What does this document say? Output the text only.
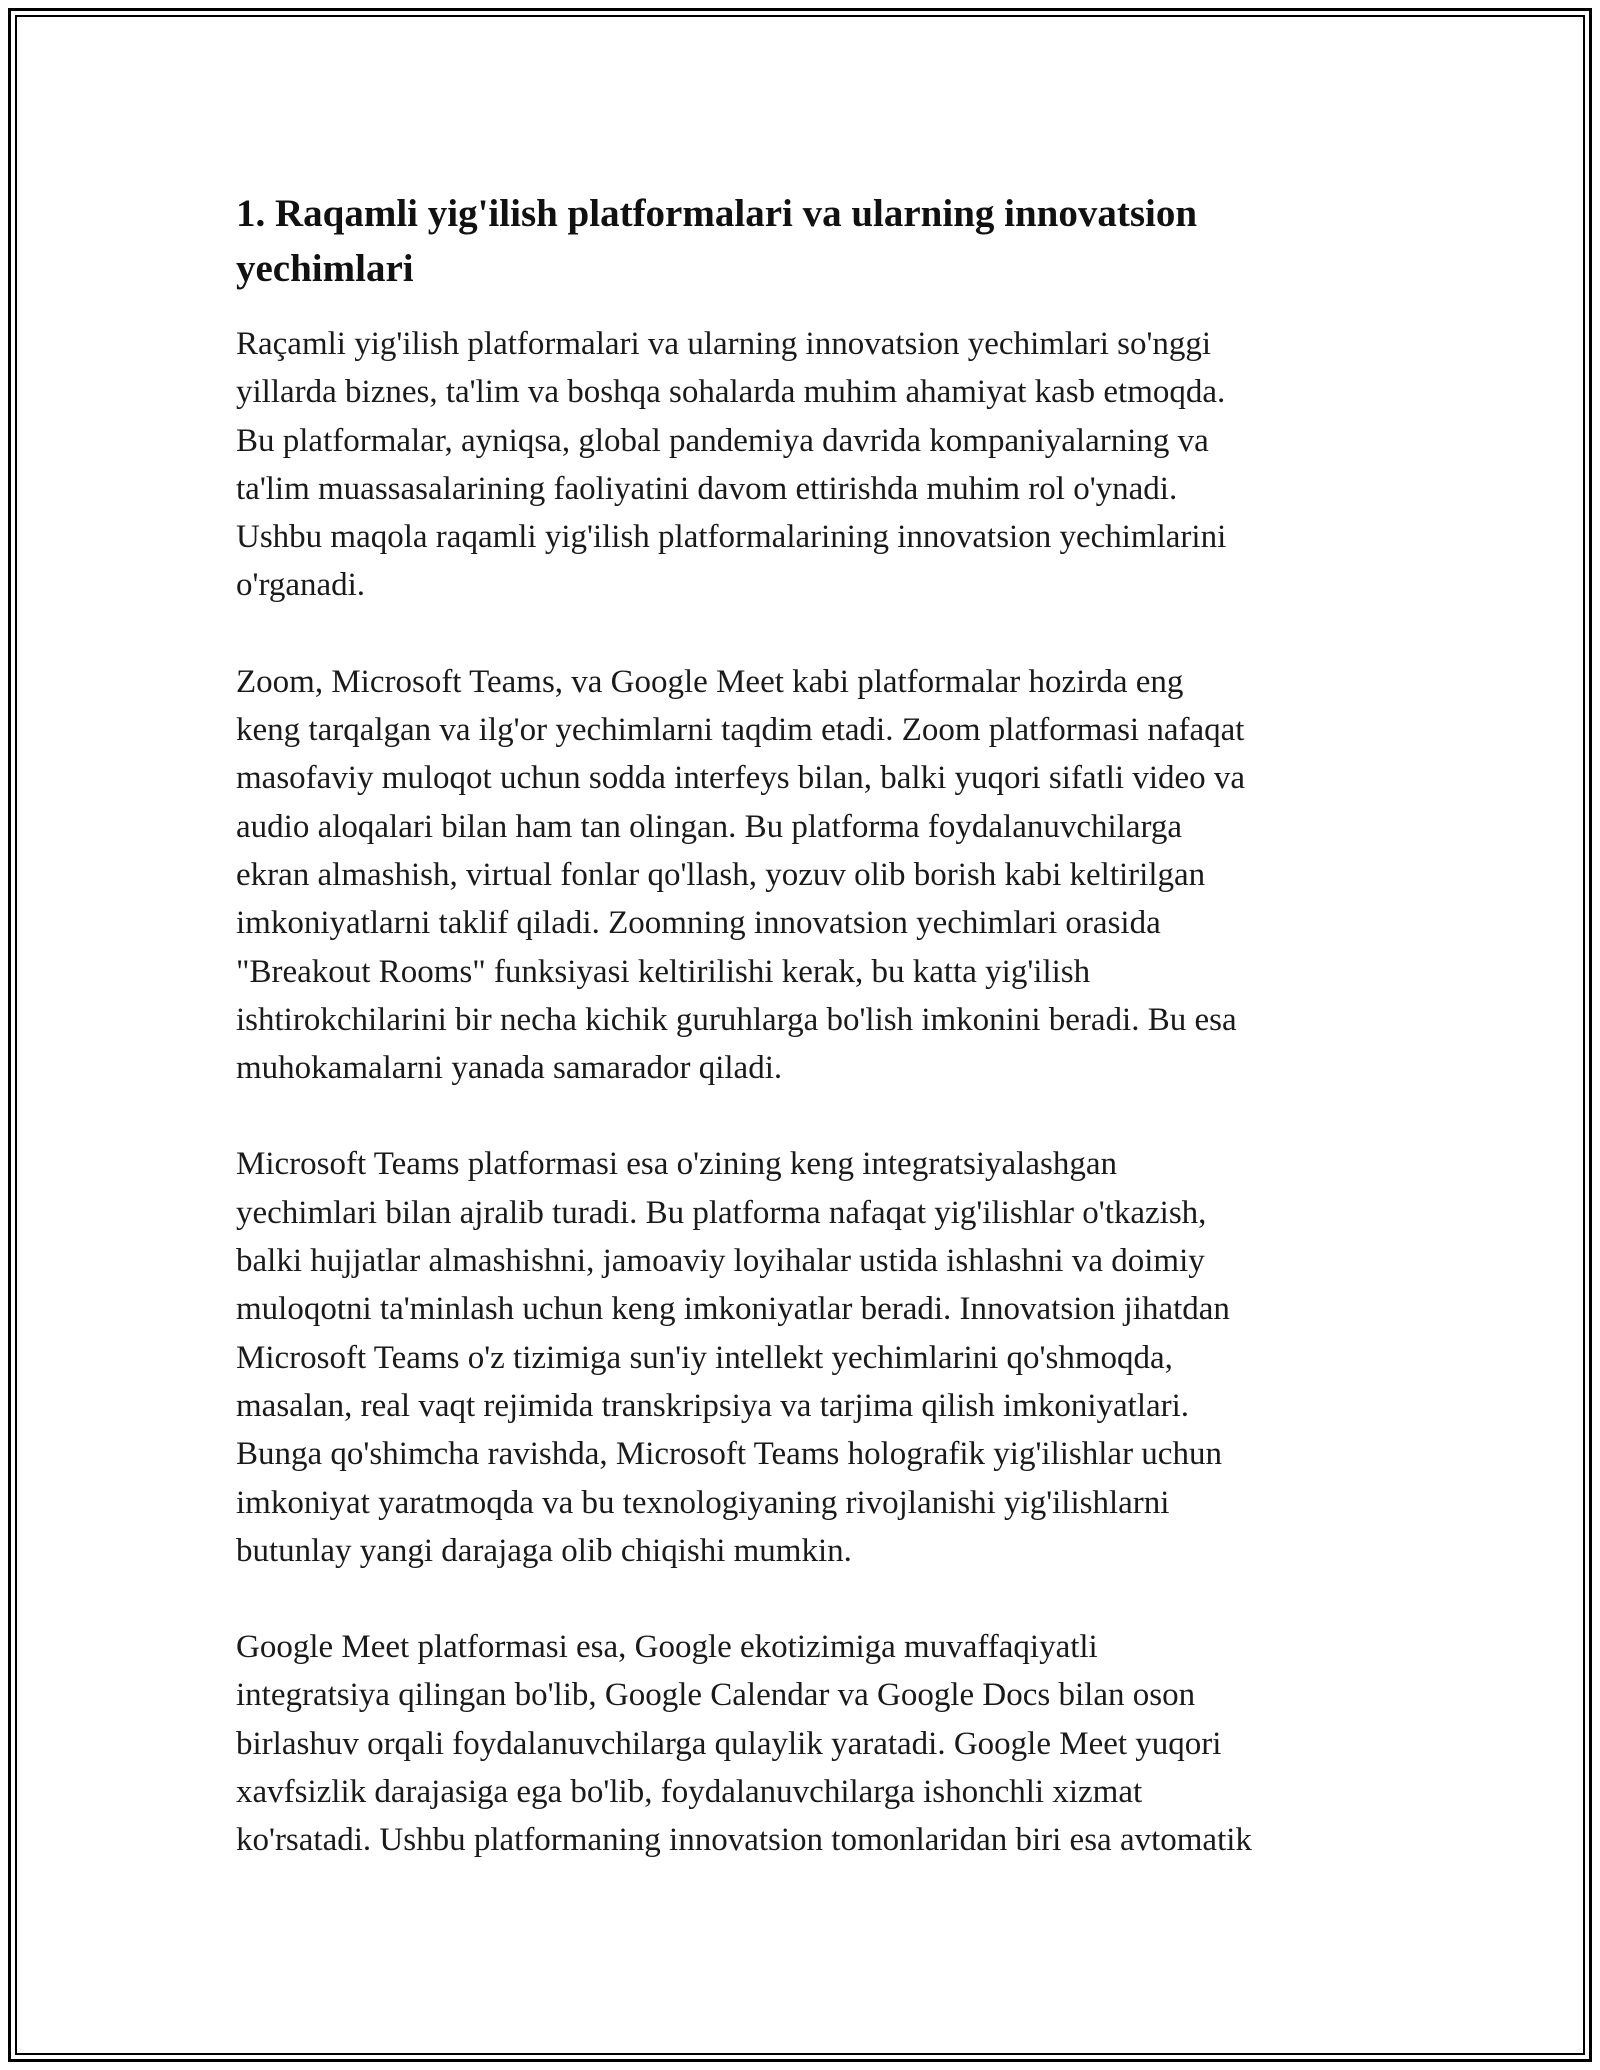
1. Raqamli yig'ilish platformalari va ularning innovatsion
yechimlari

Raçamli yig'ilish platformalari va ularning innovatsion yechimlari so'nggi
yillarda biznes, ta'lim va boshqa sohalarda muhim ahamiyat kasb etmoqda.
Bu platformalar, ayniqsa, global pandemiya davrida kompaniyalarning va
ta'lim muassasalarining faoliyatini davom ettirishda muhim rol o'ynadi.
Ushbu maqola raqamli yig'ilish platformalarining innovatsion yechimlarini
o'rganadi.

Zoom, Microsoft Teams, va Google Meet kabi platformalar hozirda eng
keng tarqalgan va ilg'or yechimlarni taqdim etadi. Zoom platformasi nafaqat
masofaviy muloqot uchun sodda interfeys bilan, balki yuqori sifatli video va
audio aloqalari bilan ham tan olingan. Bu platforma foydalanuvchilarga
ekran almashish, virtual fonlar qo'llash, yozuv olib borish kabi keltirilgan
imkoniyatlarni taklif qiladi. Zoomning innovatsion yechimlari orasida
"Breakout Rooms" funksiyasi keltirilishi kerak, bu katta yig'ilish
ishtirokchilarini bir necha kichik guruhlarga bo'lish imkonini beradi. Bu esa
muhokamalarni yanada samarador qiladi.

Microsoft Teams platformasi esa o'zining keng integratsiyalashgan
yechimlari bilan ajralib turadi. Bu platforma nafaqat yig'ilishlar o'tkazish,
balki hujjatlar almashishni, jamoaviy loyihalar ustida ishlashni va doimiy
muloqotni ta'minlash uchun keng imkoniyatlar beradi. Innovatsion jihatdan
Microsoft Teams o'z tizimiga sun'iy intellekt yechimlarini qo'shmoqda,
masalan, real vaqt rejimida transkripsiya va tarjima qilish imkoniyatlari.
Bunga qo'shimcha ravishda, Microsoft Teams holografik yig'ilishlar uchun
imkoniyat yaratmoqda va bu texnologiyaning rivojlanishi yig'ilishlarni
butunlay yangi darajaga olib chiqishi mumkin.

Google Meet platformasi esa, Google ekotizimiga muvaffaqiyatli
integratsiya qilingan bo'lib, Google Calendar va Google Docs bilan oson
birlashuv orqali foydalanuvchilarga qulaylik yaratadi. Google Meet yuqori
xavfsizlik darajasiga ega bo'lib, foydalanuvchilarga ishonchli xizmat
ko'rsatadi. Ushbu platformaning innovatsion tomonlaridan biri esa avtomatik
